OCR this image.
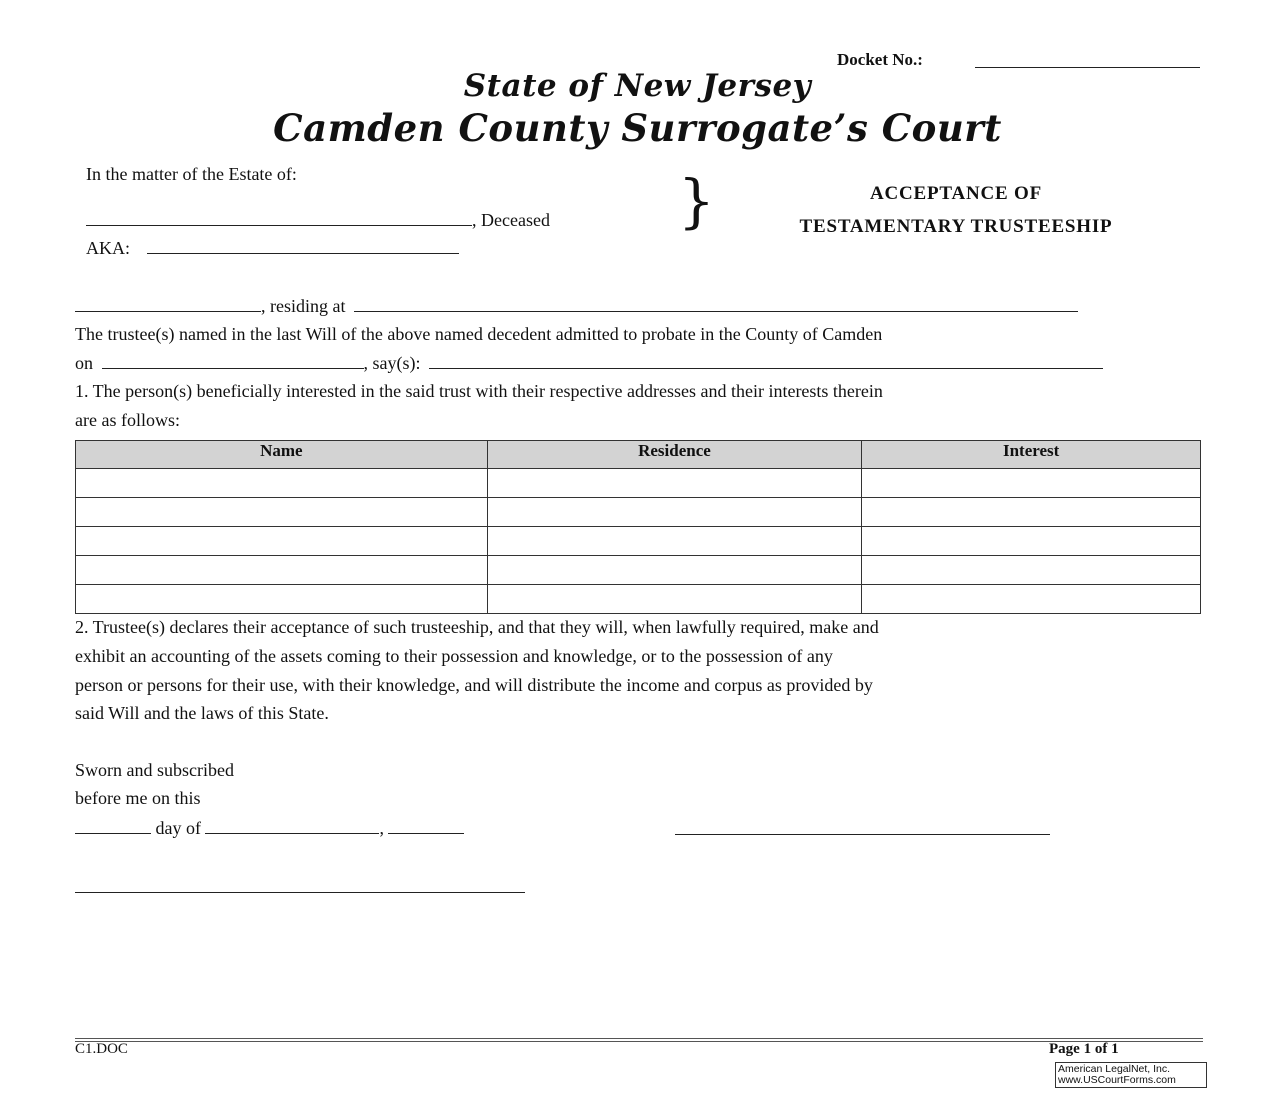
Docket No.:
State of New Jersey
Camden County Surrogate’s Court
In the matter of the Estate of:
, Deceased
AKA:
}	ACCEPTANCE OF
TESTAMENTARY TRUSTEESHIP
, residing at
The trustee(s) named in the last Will of the above named decedent admitted to probate in the County of Camden
on	, say(s):
1. The person(s) beneficially interested in the said trust with their respective addresses and their interests therein
are as follows:
Name	Residence	Interest

2. Trustee(s) declares their acceptance of such trusteeship, and that they will, when lawfully required, make and
exhibit an accounting of the assets coming to their possession and knowledge, or to the possession of any
person or persons for their use, with their knowledge, and will distribute the income and corpus as provided by
said Will and the laws of this State.
Sworn and subscribed
before me on this
day of	,
C1.DOC	Page 1 of 1
American LegalNet, Inc.
www.USCourtForms.com
